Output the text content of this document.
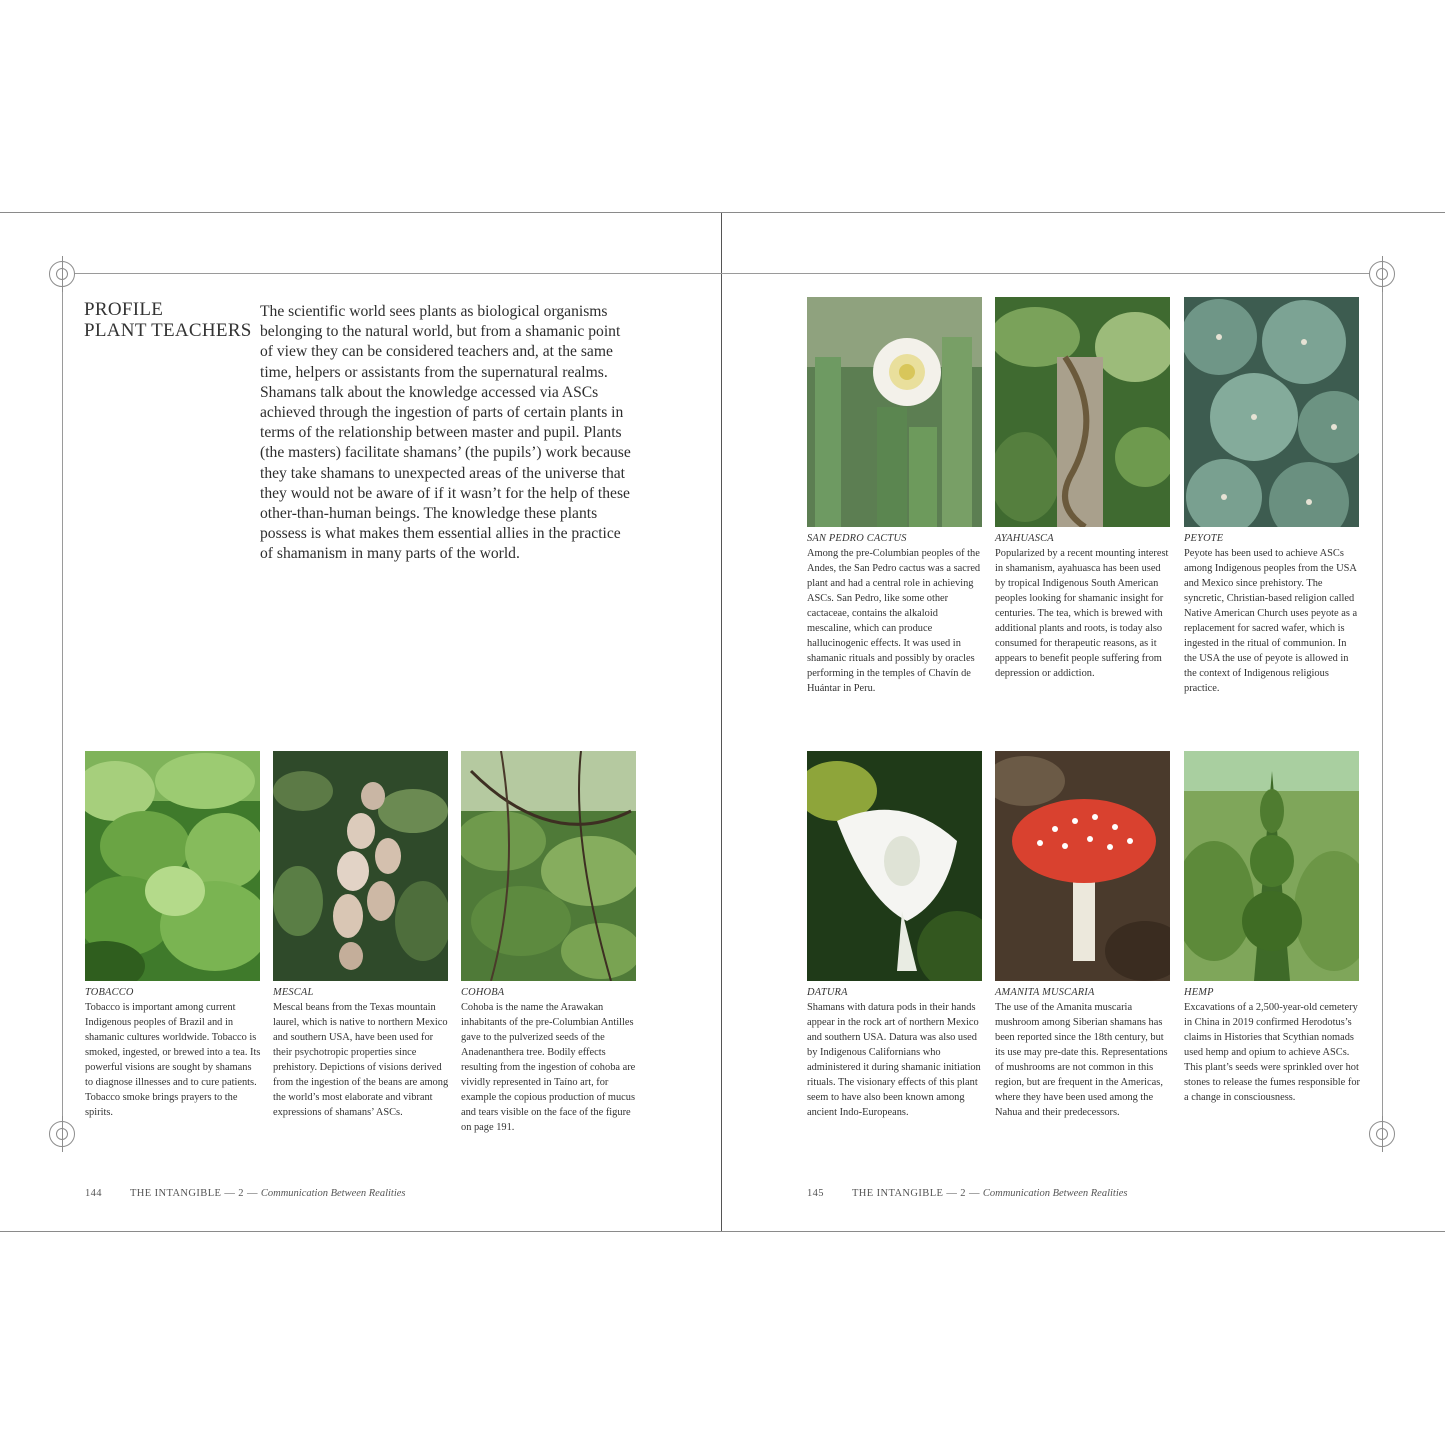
PROFILE
PLANT TEACHERS
The scientific world sees plants as biological organisms belonging to the natural world, but from a shamanic point of view they can be considered teachers and, at the same time, helpers or assistants from the supernatural realms. Shamans talk about the knowledge accessed via ASCs achieved through the ingestion of parts of certain plants in terms of the relationship between master and pupil. Plants (the masters) facilitate shamans’ (the pupils’) work because they take shamans to unexpected areas of the universe that they would not be aware of if it wasn’t for the help of these other-than-human beings. The knowledge these plants possess is what makes them essential allies in the practice of shamanism in many parts of the world.
TOBACCO
Tobacco is important among current Indigenous peoples of Brazil and in shamanic cultures worldwide. Tobacco is smoked, ingested, or brewed into a tea. Its powerful visions are sought by shamans to diagnose illnesses and to cure patients. Tobacco smoke brings prayers to the spirits.
MESCAL
Mescal beans from the Texas mountain laurel, which is native to northern Mexico and southern USA, have been used for their psychotropic properties since prehistory. Depictions of visions derived from the ingestion of the beans are among the world’s most elaborate and vibrant expressions of shamans’ ASCs.
COHOBA
Cohoba is the name the Arawakan inhabitants of the pre-Columbian Antilles gave to the pulverized seeds of the Anadenanthera tree. Bodily effects resulting from the ingestion of cohoba are vividly represented in Taíno art, for example the copious production of mucus and tears visible on the face of the figure on page 191.
144	THE INTANGIBLE — 2 — Communication Between Realities
SAN PEDRO CACTUS
Among the pre-Columbian peoples of the Andes, the San Pedro cactus was a sacred plant and had a central role in achieving ASCs. San Pedro, like some other cactaceae, contains the alkaloid mescaline, which can produce hallucinogenic effects. It was used in shamanic rituals and possibly by oracles performing in the temples of Chavín de Huántar in Peru.
AYAHUASCA
Popularized by a recent mounting interest in shamanism, ayahuasca has been used by tropical Indigenous South American peoples looking for shamanic insight for centuries. The tea, which is brewed with additional plants and roots, is today also consumed for therapeutic reasons, as it appears to benefit people suffering from depression or addiction.
PEYOTE
Peyote has been used to achieve ASCs among Indigenous peoples from the USA and Mexico since prehistory. The syncretic, Christian-based religion called Native American Church uses peyote as a replacement for sacred wafer, which is ingested in the ritual of communion. In the USA the use of peyote is allowed in the context of Indigenous religious practice.
DATURA
Shamans with datura pods in their hands appear in the rock art of northern Mexico and southern USA. Datura was also used by Indigenous Californians who administered it during shamanic initiation rituals. The visionary effects of this plant seem to have also been known among ancient Indo-Europeans.
AMANITA MUSCARIA
The use of the Amanita muscaria mushroom among Siberian shamans has been reported since the 18th century, but its use may pre-date this. Representations of mushrooms are not common in this region, but are frequent in the Americas, where they have been used among the Nahua and their predecessors.
HEMP
Excavations of a 2,500-year-old cemetery in China in 2019 confirmed Herodotus’s claims in Histories that Scythian nomads used hemp and opium to achieve ASCs. This plant’s seeds were sprinkled over hot stones to release the fumes responsible for a change in consciousness.
145	THE INTANGIBLE — 2 — Communication Between Realities
